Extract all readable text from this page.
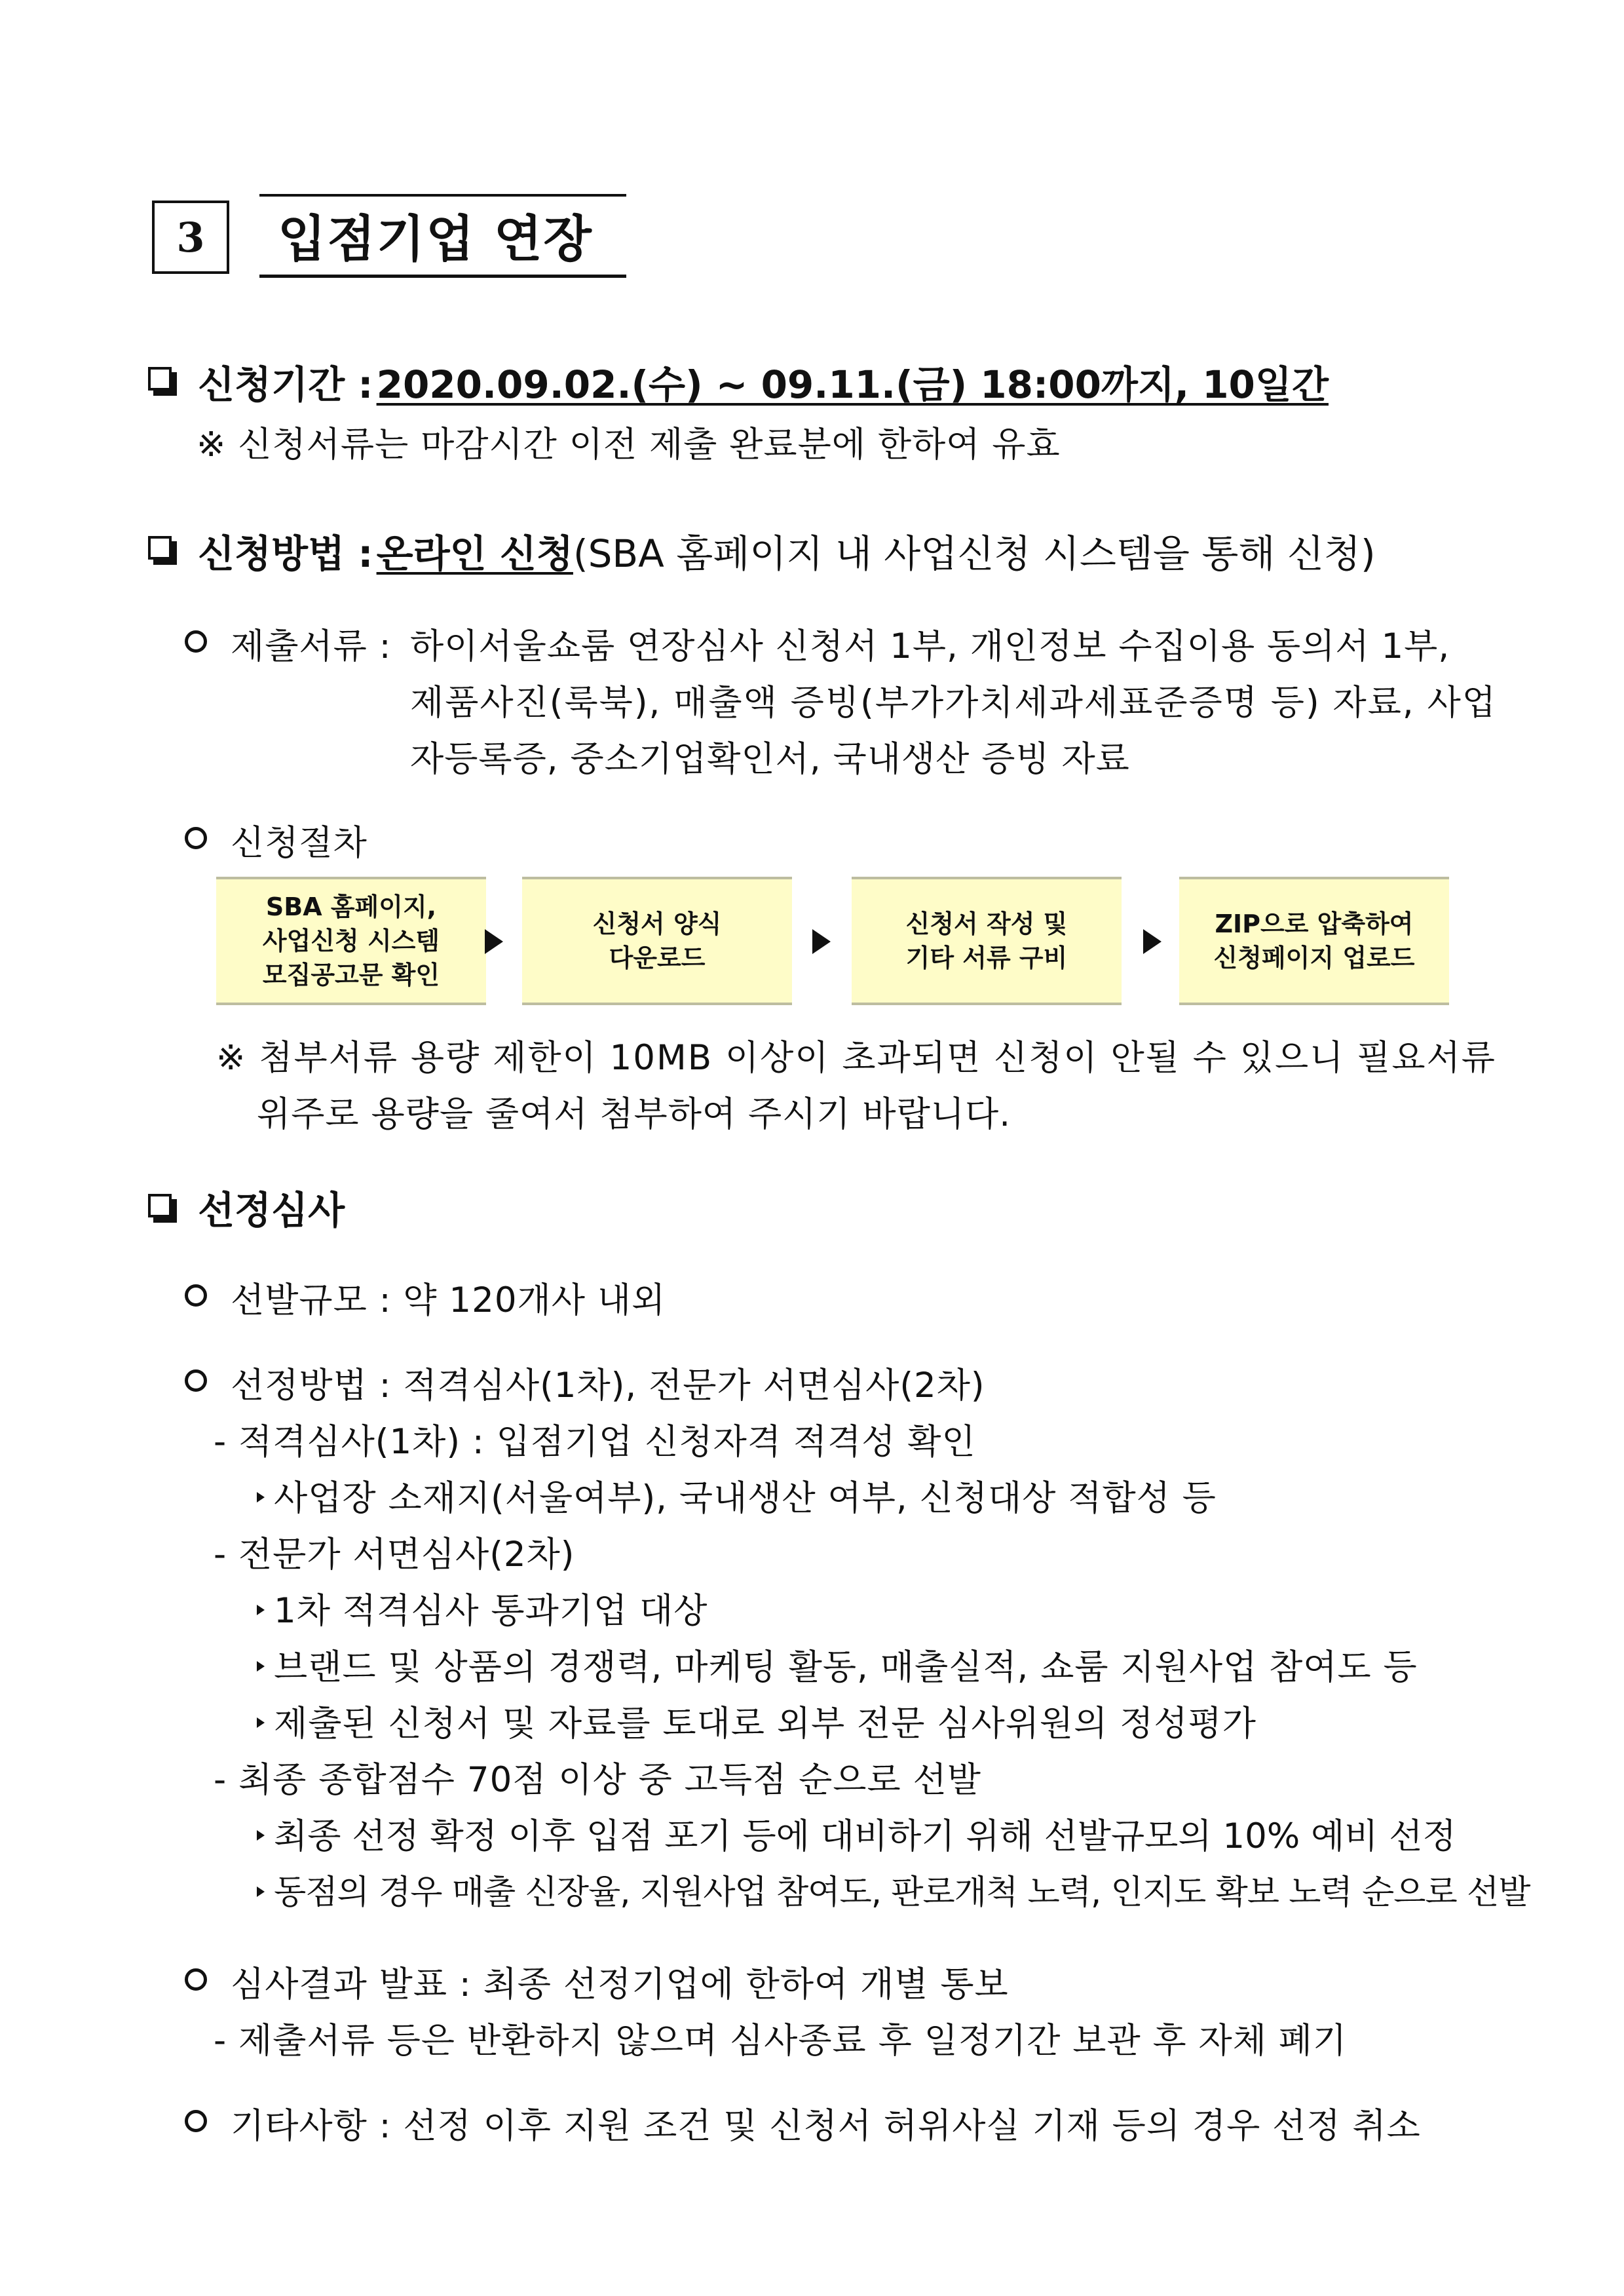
3	입점기업 연장
신청기간 : 2020.09.02.(수) ~ 09.11.(금) 18:00까지, 10일간
※ 신청서류는 마감시간 이전 제출 완료분에 한하여 유효
신청방법 : 온라인 신청(SBA 홈페이지 내 사업신청 시스템을 통해 신청)
제출서류 : 하이서울쇼룸 연장심사 신청서 1부, 개인정보 수집이용 동의서 1부,
제품사진(룩북), 매출액 증빙(부가가치세과세표준증명 등) 자료, 사업
자등록증, 중소기업확인서, 국내생산 증빙 자료
신청절차
SBA 홈페이지,
사업신청 시스템
모집공고문 확인
신청서 양식
다운로드
신청서 작성 및
기타 서류 구비
ZIP으로 압축하여
신청페이지 업로드
※ 첨부서류 용량 제한이 10MB 이상이 초과되면 신청이 안될 수 있으니 필요서류
위주로 용량을 줄여서 첨부하여 주시기 바랍니다.
선정심사
선발규모 : 약 120개사 내외
선정방법 : 적격심사(1차), 전문가 서면심사(2차)
- 적격심사(1차) : 입점기업 신청자격 적격성 확인
사업장 소재지(서울여부), 국내생산 여부, 신청대상 적합성 등
- 전문가 서면심사(2차)
1차 적격심사 통과기업 대상
브랜드 및 상품의 경쟁력, 마케팅 활동, 매출실적, 쇼룸 지원사업 참여도 등
제출된 신청서 및 자료를 토대로 외부 전문 심사위원의 정성평가
- 최종 종합점수 70점 이상 중 고득점 순으로 선발
최종 선정 확정 이후 입점 포기 등에 대비하기 위해 선발규모의 10% 예비 선정
동점의 경우 매출 신장율, 지원사업 참여도, 판로개척 노력, 인지도 확보 노력 순으로 선발
심사결과 발표 : 최종 선정기업에 한하여 개별 통보
- 제출서류 등은 반환하지 않으며 심사종료 후 일정기간 보관 후 자체 폐기
기타사항 : 선정 이후 지원 조건 및 신청서 허위사실 기재 등의 경우 선정 취소
